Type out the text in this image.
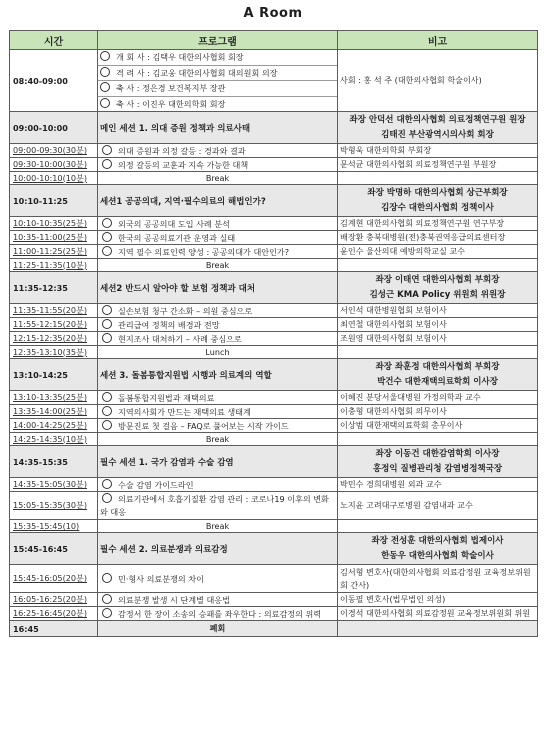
A Room
시간	프로그램	비고
08:40-09:00	개 회 사 : 김택우 대한의사협회 회장
격 려 사 : 김교웅 대한의사협회 대의원회 의장
축 사 : 정은경 보건복지부 장관
축 사 : 이진우 대한의학회 회장	사회 : 홍 석 주 (대한의사협회 학술이사)
09:00-10:00	메인 세션 1. 의대 증원 정책과 의료사태	좌장 안덕선 대한의사협회 의료정책연구원 원장
김태진 부산광역시의사회 회장

09:00-09:30(30분)	의대 증원과 의정 갈등 : 경과와 결과	박형욱 대한의학회 부회장
09:30-10:00(30분)	의정 갈등의 교훈과 지속 가능한 대책	문석균 대한의사협회 의료정책연구원 부원장
10:00-10:10(10분)	Break	
10:10-11:25	세션1 공공의대, 지역·필수의료의 해법인가?	좌장 박명하 대한의사협회 상근부회장
김장수 대한의사협회 정책이사

10:10-10:35(25분)	외국의 공공의대 도입 사례 분석	김계현 대한의사협회 의료정책연구원 연구부장
10:35-11:00(25분)	한국의 공공의료기관 운영과 실태	배장환 충북대병원(전)충북권역응급의료센터장
11:00-11:25(25분)	지역 필수 의료인력 양성 : 공공의대가 대안인가?	윤인수 울산의대 예방의학교실 교수
11:25-11:35(10분)	Break	
11:35-12:35	세션2 반드시 알아야 할 보험 정책과 대처	좌장 이태연 대한의사협회 부회장
김성근 KMA Policy 위원회 위원장

11:35-11:55(20분)	실손보험 청구 간소화 – 의원 중심으로	서인석 대한병원협회 보험이사
11:55-12:15(20분)	관리급여 정책의 배경과 전망	최연철 대한의사협회 보험이사
12:15-12:35(20분)	현지조사 대처하기 – 사례 중심으로	조원영 대한의사협회 보험이사
12:35-13:10(35분)	Lunch	
13:10-14:25	세션 3. 돌봄통합지원법 시행과 의료계의 역할	좌장 좌훈정 대한의사협회 부회장
박건수 대한재택의료학회 이사장

13:10-13:35(25분)	돌봄통합지원법과 재택의료	이혜진 분당서울대병원 가정의학과 교수
13:35-14:00(25분)	지역의사회가 만드는 재택의료 생태계	이충형 대한의사협회 의무이사
14:00-14:25(25분)	방문진료 첫 걸음 – FAQ로 풀어보는 시작 가이드	이상범 대한재택의료학회 총무이사
14:25-14:35(10분)	Break	
14:35-15:35	필수 세션 1. 국가 감염과 수술 감염	좌장 이동건 대한감염학회 이사장
홍정익 질병관리청 감염병정책국장

14:35-15:05(30분)	수술 감염 가이드라인	박민수 경희대병원 외과 교수
15:05-15:35(30분)	의료기관에서 호흡기질환 감염 관리 : 코로나19 이후의 변화와 대응	노지윤 고려대구로병원 감염내과 교수
15:35-15:45(10)	Break	
15:45-16:45	필수 세션 2. 의료분쟁과 의료감정	좌장 전성훈 대한의사협회 법제이사
한동우 대한의사협회 학술이사

15:45-16:05(20분)	민·형사 의료분쟁의 차이	김서형 변호사(대한의사협회 의료감정원 교육정보위원회 간사)
16:05-16:25(20분)	의료분쟁 발생 시 단계별 대응법	이동필 변호사(법무법인 의성)
16:25-16:45(20분)	감정서 한 장이 소송의 승패를 좌우한다 : 의료감정의 위력	이경석 대한의사협회 의료감정원 교육정보위원회 위원
16:45	폐회	
